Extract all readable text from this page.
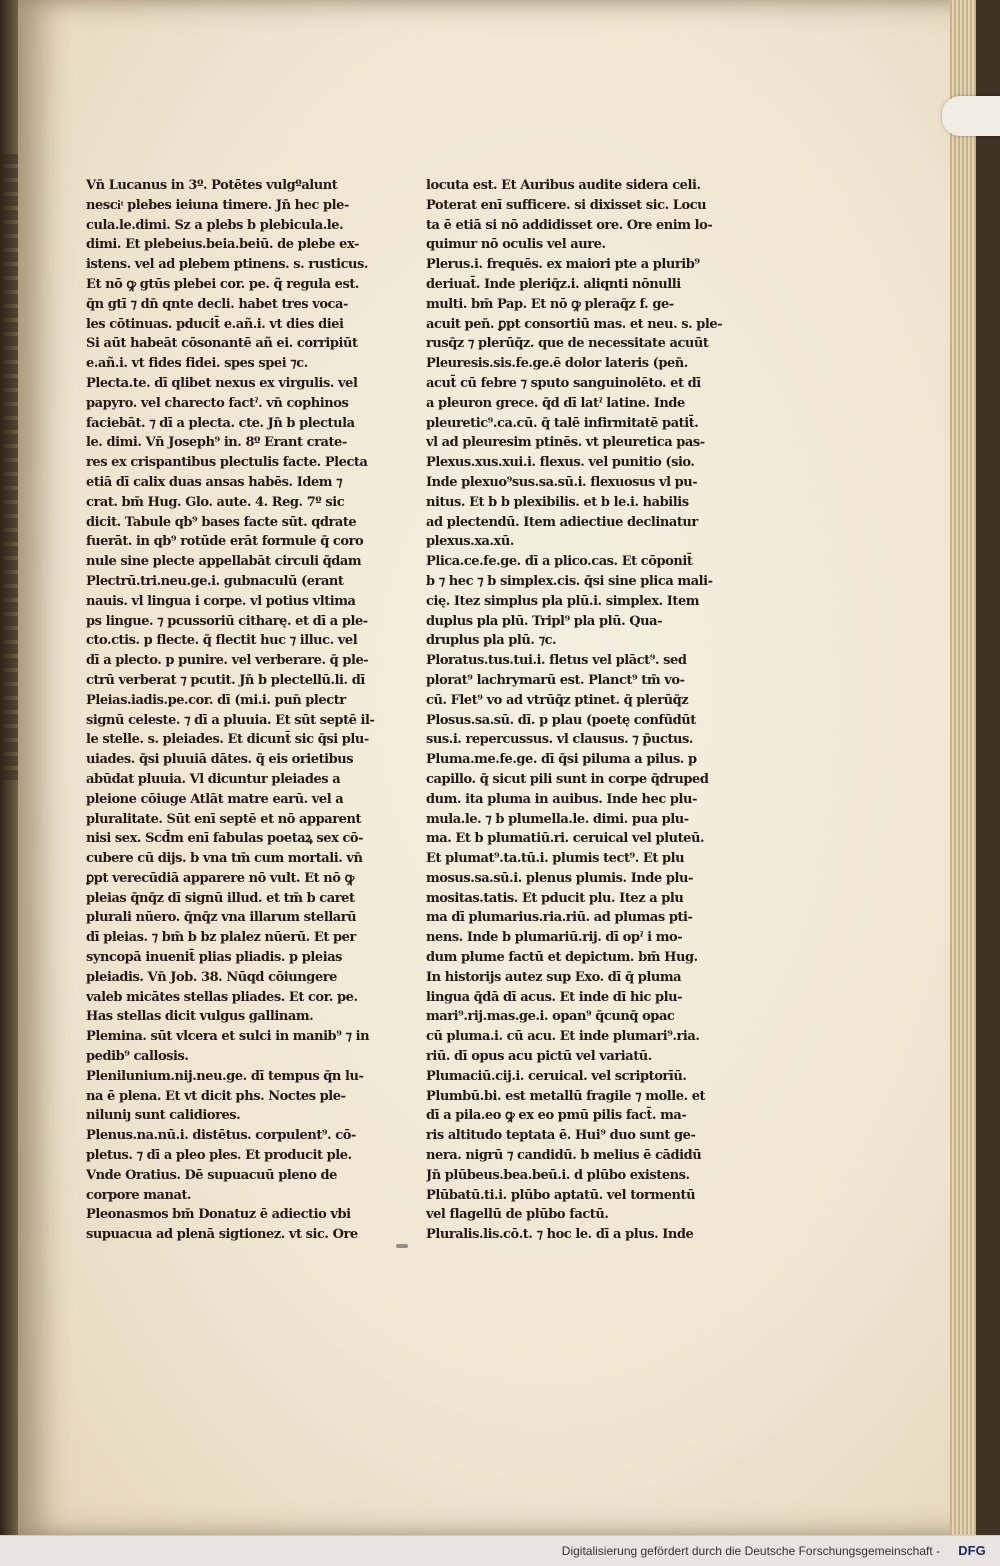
Vn̄ Lucanus in 3º. Potētes vulgºalunt
nesciͭ plebes ieiuna timere. Jn̄ hec ple-
cula.le.dimi. Sz a plebs b plebicula.le.
dimi. Et plebeius.beia.beiū. de plebe ex-
istens. vel ad plebem ptinens. s. rusticus.
Et nō ꝙ gtūs plebei cor. pe. q̃ regula est.
q̄n gtī ⁊ dn̄ qnte decli. habet tres voca-
les cōtinuas. pducit̄ e.añ.i. vt dies diei
Si aūt habeāt cōsonantē añ ei. corripiūt
e.añ.i. vt fides fidei. spes spei ⁊c.
Plecta.te. dī qlibet nexus ex virgulis. vel
papyro. vel charecto factˀ. vn̄ cophinos
faciebāt. ⁊ dī a plecta. cte. Jn̄ b plectula
le. dimi. Vn̄ Joseph⁹ in. 8º Erant crate-
res ex crispantibus plectulis facte. Plecta
etiā dī calix duas ansas habēs. Idem ⁊
crat. bm̄ Hug. Glo. aute. 4. Reg. 7º sic
dicit. Tabule qb⁹ bases facte sūt. qdrate
fuerāt. in qb⁹ rotūde erāt formule q̄ coro
nule sine plecte appellabāt circuli q̄dam
Plectrū.tri.neu.ge.i. gubnaculū (erant
nauis. vl lingua i corpe. vl potius vltima
ps lingue. ⁊ pcussoriū citharę. et dī a ple-
cto.ctis. p flecte. q̄ flectit huc ⁊ illuc. vel
dī a plecto. p punire. vel verberare. q̄ ple-
ctrū verberat ⁊ pcutit. Jn̄ b plectellū.li. dī
Pleias.iadis.pe.cor. dī (mi.i. pun̄ plectr
signū celeste. ⁊ dī a pluuia. Et sūt septē il-
le stelle. s. pleiades. Et dicunt̄ sic q̄si plu-
uiades. q̄si pluuiā dātes. q̄ eis orietibus
abūdat pluuia. Vl dicuntur pleiades a
pleione cōiuge Atlāt matre earū. vel a
pluralitate. Sūt enī septē et nō apparent
nisi sex. Scd̄m enī fabulas poetaꝝ sex cō-
cubere cū dijs. b vna tm̄ cum mortali. vn̄
ꝑpt verecūdiā apparere nō vult. Et nō ꝙ
pleias q̄nq̄z dī signū illud. et tm̄ b caret
plurali nūero. q̄nq̄z vna illarum stellarū
dī pleias. ⁊ bm̄ b bz plalez nūerū. Et per
syncopā inuenit̄ plias pliadis. p pleias
pleiadis. Vn̄ Job. 38. Nūqd cōiungere
valeb micātes stellas pliades. Et cor. pe.
Has stellas dicit vulgus gallinam.
Plemina. sūt vlcera et sulci in manib⁹ ⁊ in
pedib⁹ callosis.
Plenilunium.nij.neu.ge. dī tempus q̄n lu-
na ē plena. Et vt dicit phs. Noctes ple-
niluniȷ sunt calidiores.
Plenus.na.nū.i. distētus. corpulent⁹. cō-
pletus. ⁊ dī a pleo ples. Et producit ple.
Vnde Oratius. Dē supuacuū pleno de
corpore manat.
Pleonasmos bm̄ Donatuz ē adiectio vbi
supuacua ad plenā sigtionez. vt sic. Ore
locuta est. Et Auribus audite sidera celi.
Poterat enī sufficere. si dixisset sic. Locu
ta ē etiā si nō addidisset ore. Ore enim lo-
quimur nō oculis vel aure.
Plerus.i. frequēs. ex maiori pte a plurib⁹
deriuat̄. Inde pleriq̄z.i. aliqnti nōnulli
multi. bm̄ Pap. Et nō ꝙ pleraq̄z f. ge-
acuit pen̄. ꝑpt consortiū mas. et neu. s. ple-
rusq̄z ⁊ plerūq̄z. que de necessitate acuūt
Pleuresis.sis.fe.ge.ē dolor lateris (pen̄.
acut̄ cū febre ⁊ sputo sanguinolēto. et dī
a pleuron grece. q̄d dī latˀ latine. Inde
pleuretic⁹.ca.cū. q̄ talē infirmitatē patit̄.
vl ad pleuresim ptinēs. vt pleuretica pas-
Plexus.xus.xui.i. flexus. vel punitio (sio.
Inde plexuo⁹sus.sa.sū.i. flexuosus vl pu-
nitus. Et b b plexibilis. et b le.i. habilis
ad plectendū. Item adiectiue declinatur
plexus.xa.xū.
Plica.ce.fe.ge. dī a plico.cas. Et cōponit̄
b ⁊ hec ⁊ b simplex.cis. q̄si sine plica mali-
cię. Itez simplus pla plū.i. simplex. Item
duplus pla plū. Tripl⁹ pla plū. Qua-
druplus pla plū. ⁊c.
Ploratus.tus.tui.i. fletus vel plāct⁹. sed
plorat⁹ lachrymarū est. Planct⁹ tm̄ vo-
cū. Flet⁹ vo ad vtrūq̄z ptinet. q̄ plerūq̄z
Plosus.sa.sū. dī. p plau (poetę confūdūt
sus.i. repercussus. vl clausus. ⁊ p̄uctus.
Pluma.me.fe.ge. dī q̄si piluma a pilus. p
capillo. q̄ sicut pili sunt in corpe q̄druped
dum. ita pluma in auibus. Inde hec plu-
mula.le. ⁊ b plumella.le. dimi. pua plu-
ma. Et b plumatiū.ri. ceruical vel pluteū.
Et plumat⁹.ta.tū.i. plumis tect⁹. Et plu
mosus.sa.sū.i. plenus plumis. Inde plu-
mositas.tatis. Et pducit plu. Itez a plu
ma dī plumarius.ria.riū. ad plumas pti-
nens. Inde b plumariū.rij. dī opˀ i mo-
dum plume factū et depictum. bm̄ Hug.
In historijs autez sup Exo. dī q̄ pluma
lingua q̄dā dī acus. Et inde dī hic plu-
mari⁹.rij.mas.ge.i. opan⁹ q̄cunq̄ opac
cū pluma.i. cū acu. Et inde plumari⁹.ria.
riū. dī opus acu pictū vel variatū.
Plumaciū.cij.i. ceruical. vel scriptorīū.
Plumbū.bi. est metallū fragile ⁊ molle. et
dī a pila.eo ꝙ ex eo pmū pilis fact̄. ma-
ris altitudo teptata ē. Hui⁹ duo sunt ge-
nera. nigrū ⁊ candidū. b melius ē cādidū
Jn̄ plūbeus.bea.beū.i. d plūbo existens.
Plūbatū.ti.i. plūbo aptatū. vel tormentū
vel flagellū de plūbo factū.
Pluralis.lis.cō.t. ⁊ hoc le. dī a plus. Inde
Digitalisierung gefördert durch die Deutsche Forschungsgemeinschaft -	DFG
